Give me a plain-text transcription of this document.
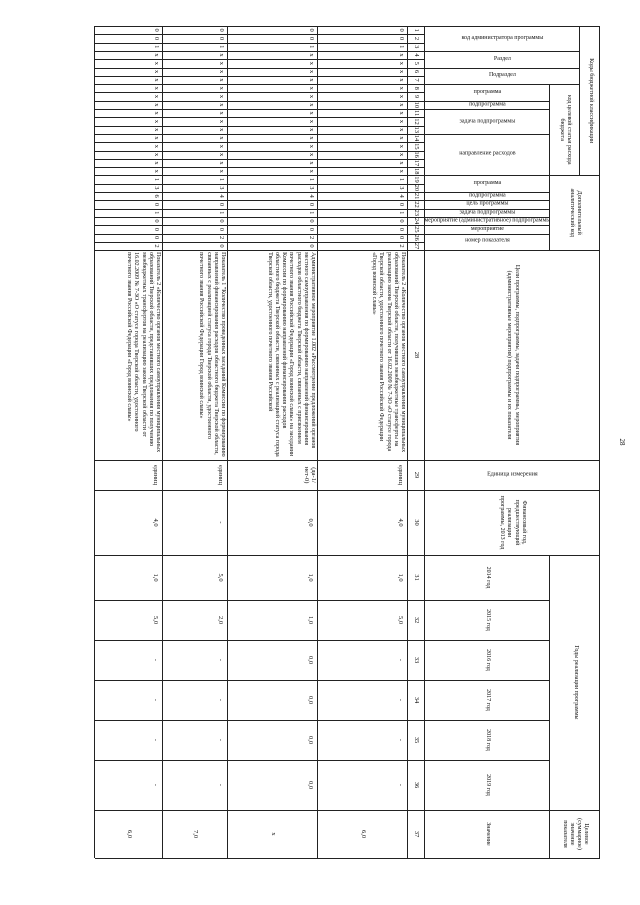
28
Коды бюджетной классификации
Дополнительный аналитический код
Цели программы, подпрограммы, задачи подпрограммы, мероприятия (административные мероприятия) подпрограммы и их показатели
Единица измерения
Финансовый год, предшествующий реализации программы, 2013 год
Годы реализации программы
Целевое (суммарное) значение показателя
2014 год
2015 год
2016 год
2017 год
2018 год
2019 год
Значение
код администратора программы
Раздел
Подраздел
код целевой статьи расхода бюджета
программа
подпрограмма
задача подпрограммы
направление расходов
программа
подпрограмма
цель программы
задача подпрограммы
мероприятие (административное) подпрограммы
мероприятие
номер показателя
1
2
3
4
5
6
7
8
9
10
11
12
13
14
15
16
17
18
19
20
21
22
23
24
25
26
27
28
29
30
31
32
33
34
35
36
37
0
0
1
x
x
x
x
x
x
x
x
x
x
x
x
x
x
x
1
3
4
0
1
0
0
0
2
Показатель 2 «Количество органов местного самоуправления муниципальных образований Тверской области, получивших межбюджетные трансферты на реализацию закона Тверской области от 16.02.2009 № 7-ЗО «О статусе города Тверской области, удостоенного почетного звания Российской Федерации «Город воинской славы»
единиц
4,0
1,0
5,0
-
-
-
-
6,0
0
0
1
x
x
x
x
x
x
x
x
x
x
x
x
x
x
x
1
3
4
0
1
0
0
2
0
Административное мероприятие 1.002 «Рассмотрение предложений органов местного самоуправления по формированию направлений финансирования расходов областного бюджета Тверской области, связанных с присвоением почетного звания Российской Федерации «Город воинской славы» на заседании Комиссии по формированию направлений финансирования расходов областного бюджета Тверской области, связанных с реализацией статуса города Тверской области, удостоенного почетного звания Российской
(да-1/нет-0)
0,0
1,0
1,0
0,0
0,0
0,0
0,0
x
0
0
1
x
x
x
x
x
x
x
x
x
x
x
x
x
x
x
1
3
4
0
1
0
0
2
0
Показатель 1 "Количество проведенных заседаний Комиссии по формированию направлений финансирования расходов областного бюджета Тверской области, связанных с реализацией статуса города Тверской области, удостоенного почетного звания Российской Федерации Город воинской славы»
единиц
-
5,0
2,0
-
-
-
-
7,0
0
0
1
x
x
x
x
x
x
x
x
x
x
x
x
x
x
x
1
3
6
0
1
0
0
0
2
Показатель 2 «Количество органов местного самоуправления муниципальных образований Тверской области, представивших предложения по получению межбюджетных трансфертов на реализацию закона Тверской области от 16.02.2009 № 7-ЗО «О статусе города Тверской области, удостоенного почетного звания Российской Федерации «Город воинской славы»
единиц
4,0
1,0
5,0
-
-
-
-
6,0
